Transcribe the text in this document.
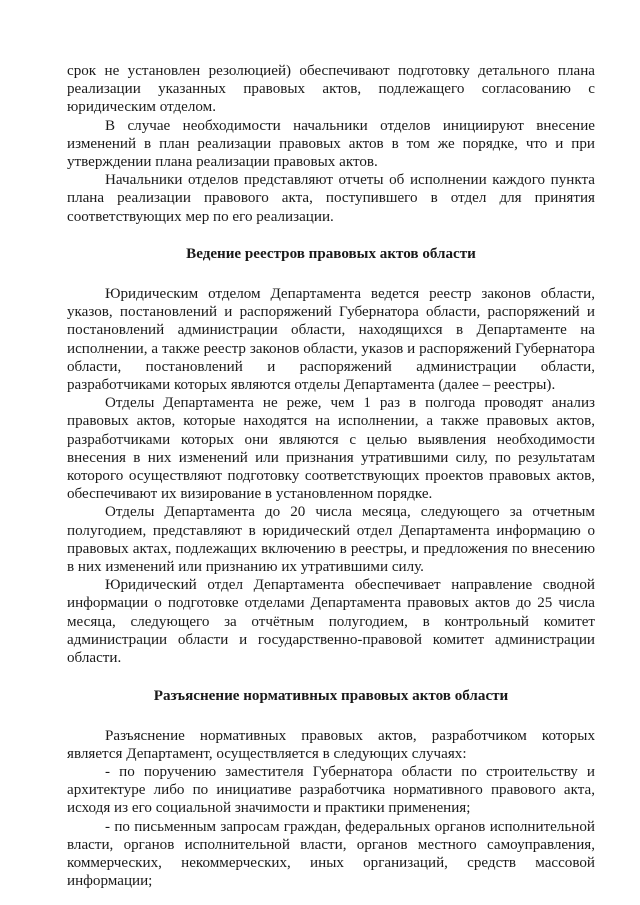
срок не установлен резолюцией) обеспечивают подготовку детального плана реализации указанных правовых актов, подлежащего согласованию с юридическим отделом.

В случае необходимости начальники отделов инициируют внесение изменений в план реализации правовых актов в том же порядке, что и при утверждении плана реализации правовых актов.

Начальники отделов представляют отчеты об исполнении каждого пункта плана реализации правового акта, поступившего в отдел для принятия соответствующих мер по его реализации.

Ведение реестров правовых актов области

Юридическим отделом Департамента ведется реестр законов области, указов, постановлений и распоряжений Губернатора области, распоряжений и постановлений администрации области, находящихся в Департаменте на исполнении, а также реестр законов области, указов и распоряжений Губернатора области, постановлений и распоряжений администрации области, разработчиками которых являются отделы Департамента (далее – реестры).

Отделы Департамента не реже, чем 1 раз в полгода проводят анализ правовых актов, которые находятся на исполнении, а также правовых актов, разработчиками которых они являются с целью выявления необходимости внесения в них изменений или признания утратившими силу, по результатам которого осуществляют подготовку соответствующих проектов правовых актов, обеспечивают их визирование в установленном порядке.

Отделы Департамента до 20 числа месяца, следующего за отчетным полугодием, представляют в юридический отдел Департамента информацию о правовых актах, подлежащих включению в реестры, и предложения по внесению в них изменений или признанию их утратившими силу.

Юридический отдел Департамента обеспечивает направление сводной информации о подготовке отделами Департамента правовых актов до 25 числа месяца, следующего за отчётным полугодием, в контрольный комитет администрации области и государственно-правовой комитет администрации области.

Разъяснение нормативных правовых актов области

Разъяснение нормативных правовых актов, разработчиком которых является Департамент, осуществляется в следующих случаях:

- по поручению заместителя Губернатора области по строительству и архитектуре либо по инициативе разработчика нормативного правового акта, исходя из его социальной значимости и практики применения;

- по письменным запросам граждан, федеральных органов исполнительной власти, органов исполнительной власти, органов местного самоуправления, коммерческих, некоммерческих, иных организаций, средств массовой информации;
